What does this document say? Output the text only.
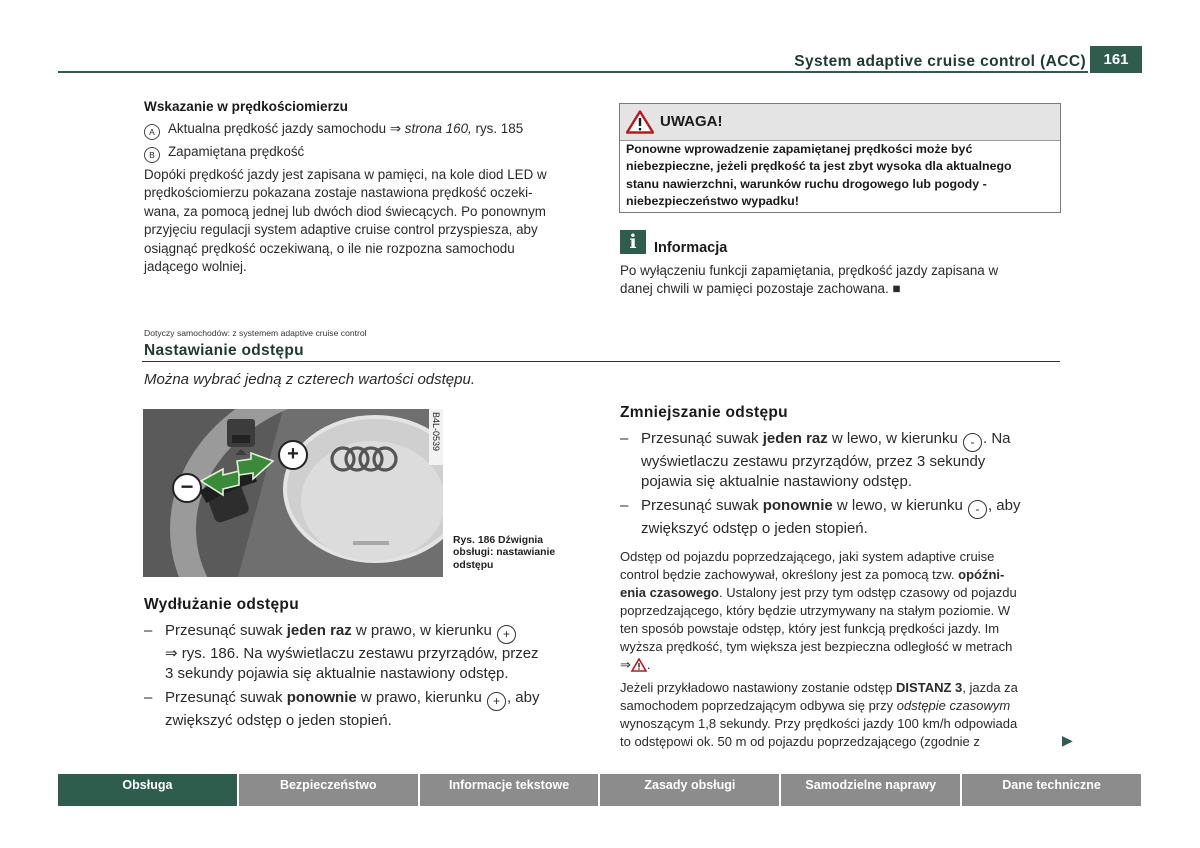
System adaptive cruise control (ACC)	161
Wskazanie w prędkościomierzu
A Aktualna prędkość jazdy samochodu ⇒ strona 160, rys. 185
B Zapamiętana prędkość
Dopóki prędkość jazdy jest zapisana w pamięci, na kole diod LED w
prędkościomierzu pokazana zostaje nastawiona prędkość oczeki-
wana, za pomocą jednej lub dwóch diod świecących. Po ponownym
przyjęciu regulacji system adaptive cruise control przyspiesza, aby
osiągnąć prędkość oczekiwaną, o ile nie rozpozna samochodu
jadącego wolniej.
UWAGA!
Ponowne wprowadzenie zapamiętanej prędkości może być
niebezpieczne, jeżeli prędkość ta jest zbyt wysoka dla aktualnego
stanu nawierzchni, warunków ruchu drogowego lub pogody -
niebezpieczeństwo wypadku!
i	Informacja
Po wyłączeniu funkcji zapamiętania, prędkość jazdy zapisana w
danej chwili w pamięci pozostaje zachowana. ■
Dotyczy samochodów: z systemem adaptive cruise control
Nastawianie odstępu
Można wybrać jedną z czterech wartości odstępu.
B4L-0539
−
+
Rys. 186 Dźwignia
obsługi: nastawianie
odstępu
Wydłużanie odstępu
– Przesunąć suwak jeden raz w prawo, w kierunku +
⇒ rys. 186. Na wyświetlaczu zestawu przyrządów, przez
3 sekundy pojawia się aktualnie nastawiony odstęp.
– Przesunąć suwak ponownie w prawo, kierunku + , aby
zwiększyć odstęp o jeden stopień.
Zmniejszanie odstępu
– Przesunąć suwak jeden raz w lewo, w kierunku - . Na
wyświetlaczu zestawu przyrządów, przez 3 sekundy
pojawia się aktualnie nastawiony odstęp.
– Przesunąć suwak ponownie w lewo, w kierunku - , aby
zwiększyć odstęp o jeden stopień.
Odstęp od pojazdu poprzedzającego, jaki system adaptive cruise
control będzie zachowywał, określony jest za pomocą tzw. opóźni-
enia czasowego. Ustalony jest przy tym odstęp czasowy od pojazdu
poprzedzającego, który będzie utrzymywany na stałym poziomie. W
ten sposób powstaje odstęp, który jest funkcją prędkości jazdy. Im
wyższa prędkość, tym większa jest bezpieczna odległość w metrach
⇒ .
Jeżeli przykładowo nastawiony zostanie odstęp DISTANZ 3, jazda za
samochodem poprzedzającym odbywa się przy odstępie czasowym
wynoszącym 1,8 sekundy. Przy prędkości jazdy 100 km/h odpowiada
to odstępowi ok. 50 m od pojazdu poprzedzającego (zgodnie z	▶
Obsługa	Bezpieczeństwo	Informacje tekstowe	Zasady obsługi	Samodzielne naprawy	Dane techniczne
